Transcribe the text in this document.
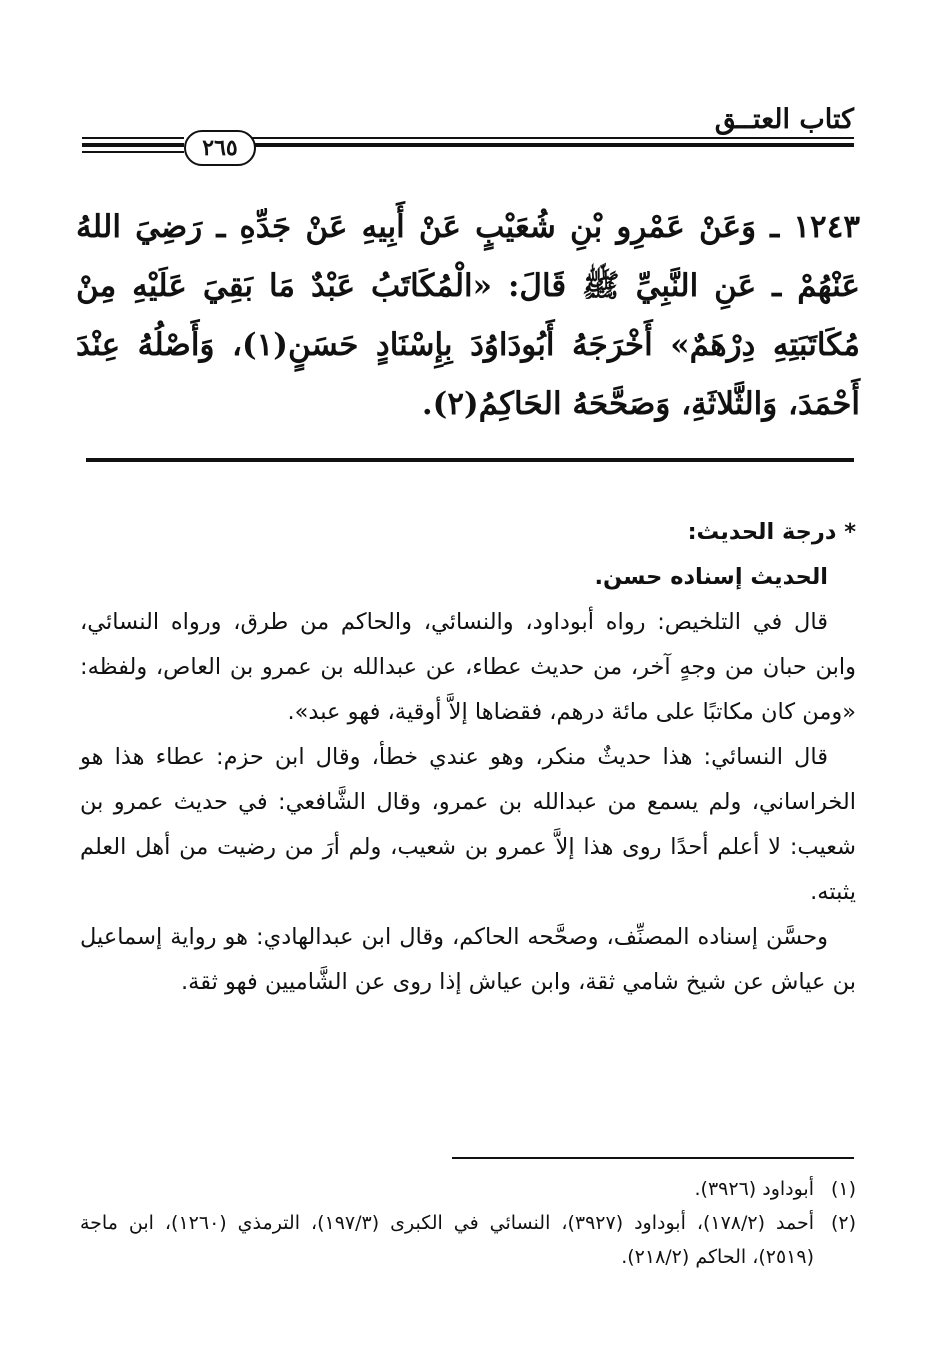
كتاب العتــق
٢٦٥
١٢٤٣ ـ وَعَنْ عَمْرِو بْنِ شُعَيْبٍ عَنْ أَبِيهِ عَنْ جَدِّهِ ـ رَضِيَ اللهُ عَنْهُمْ ـ عَنِ النَّبِيِّ ﷺ قَالَ: «الْمُكَاتَبُ عَبْدٌ مَا بَقِيَ عَلَيْهِ مِنْ مُكَاتَبَتِهِ دِرْهَمٌ» أَخْرَجَهُ أَبُودَاوُدَ بِإِسْنَادٍ حَسَنٍ(١)، وَأَصْلُهُ عِنْدَ أَحْمَدَ، وَالثَّلاثَةِ، وَصَحَّحَهُ الحَاكِمُ(٢).
* درجة الحديث:
الحديث إسناده حسن.
قال في التلخيص: رواه أبوداود، والنسائي، والحاكم من طرق، ورواه النسائي، وابن حبان من وجهٍ آخر، من حديث عطاء، عن عبدالله بن عمرو بن العاص، ولفظه: «ومن كان مكاتبًا على مائة درهم، فقضاها إلاَّ أوقية، فهو عبد».
قال النسائي: هذا حديثٌ منكر، وهو عندي خطأ، وقال ابن حزم: عطاء هذا هو الخراساني، ولم يسمع من عبدالله بن عمرو، وقال الشَّافعي: في حديث عمرو بن شعيب: لا أعلم أحدًا روى هذا إلاَّ عمرو بن شعيب، ولم أرَ من رضيت من أهل العلم يثبته.
وحسَّن إسناده المصنِّف، وصحَّحه الحاكم، وقال ابن عبدالهادي: هو رواية إسماعيل بن عياش عن شيخ شامي ثقة، وابن عياش إذا روى عن الشَّاميين فهو ثقة.
(١)
أبوداود (٣٩٢٦).
(٢)
أحمد (١٧٨/٢)، أبوداود (٣٩٢٧)، النسائي في الكبرى (١٩٧/٣)، الترمذي (١٢٦٠)، ابن ماجة (٢٥١٩)، الحاكم (٢١٨/٢).
